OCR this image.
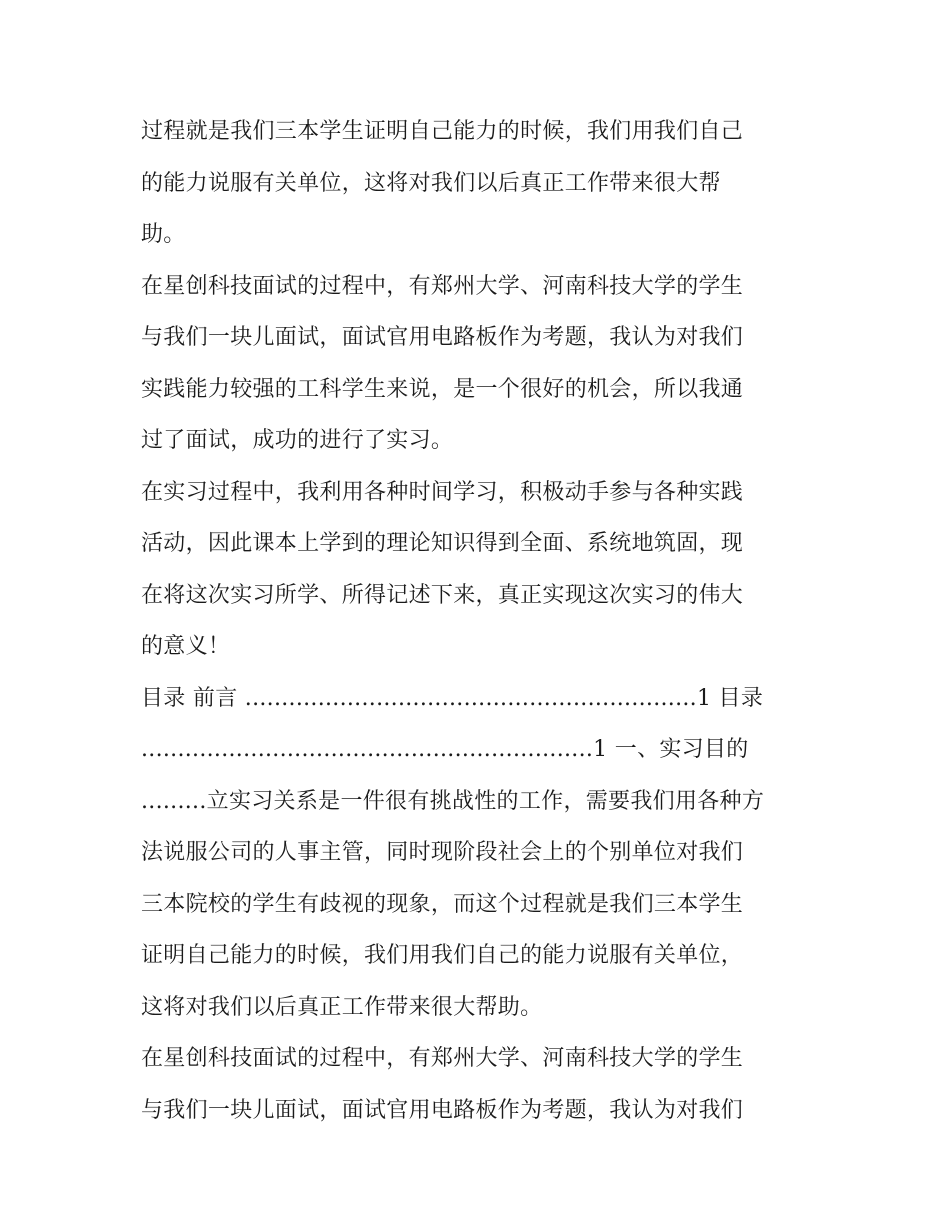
过程就是我们三本学生证明自己能力的时候，我们用我们自己
的能力说服有关单位，这将对我们以后真正工作带来很大帮
助。
在星创科技面试的过程中，有郑州大学、河南科技大学的学生
与我们一块儿面试，面试官用电路板作为考题，我认为对我们
实践能力较强的工科学生来说，是一个很好的机会，所以我通
过了面试，成功的进行了实习。
在实习过程中，我利用各种时间学习，积极动手参与各种实践
活动，因此课本上学到的理论知识得到全面、系统地筑固，现
在将这次实习所学、所得记述下来，真正实现这次实习的伟大
的意义！
目录 前言 ..............................................................1 目录
..............................................................1 一、实习目的
.........立实习关系是一件很有挑战性的工作，需要我们用各种方
法说服公司的人事主管，同时现阶段社会上的个别单位对我们
三本院校的学生有歧视的现象，而这个过程就是我们三本学生
证明自己能力的时候，我们用我们自己的能力说服有关单位，
这将对我们以后真正工作带来很大帮助。
在星创科技面试的过程中，有郑州大学、河南科技大学的学生
与我们一块儿面试，面试官用电路板作为考题，我认为对我们
